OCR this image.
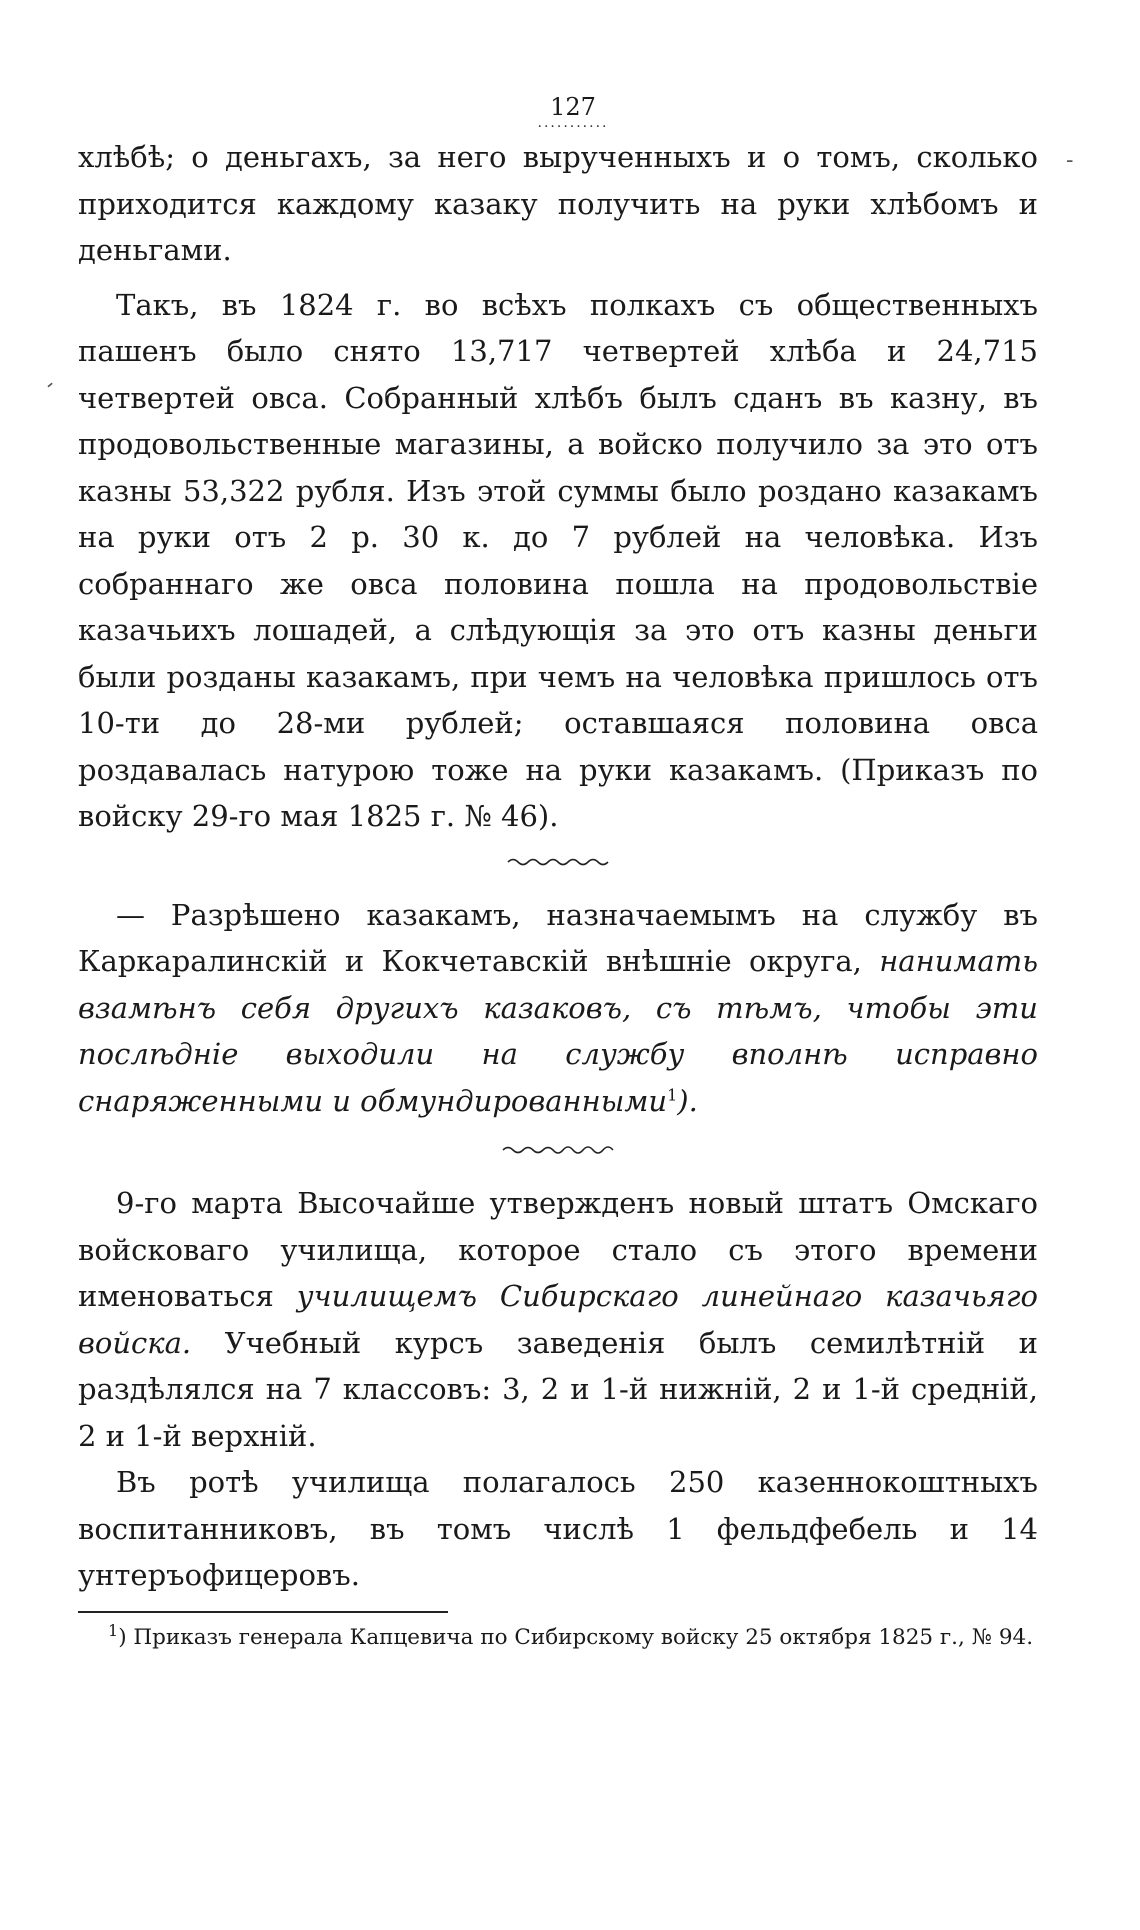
127
...........

хлѣбѣ; о деньгахъ, за него вырученныхъ и о томъ, сколько приходится каждому казаку получить на руки хлѣбомъ и деньгами.

Такъ, въ 1824 г. во всѣхъ полкахъ съ общественныхъ пашенъ было снято 13,717 четвертей хлѣба и 24,715 четвертей овса. Собранный хлѣбъ былъ сданъ въ казну, въ продовольственные магазины, а войско получило за это отъ казны 53,322 рубля. Изъ этой суммы было роздано казакамъ на руки отъ 2 р. 30 к. до 7 рублей на человѣка. Изъ собраннаго же овса половина пошла на продовольствіе казачьихъ лошадей, а слѣдующія за это отъ казны деньги были розданы казакамъ, при чемъ на человѣка пришлось отъ 10-ти до 28-ми рублей; оставшаяся половина овса роздавалась натурою тоже на руки казакамъ. (Приказъ по войску 29-го мая 1825 г. № 46).

— Разрѣшено казакамъ, назначаемымъ на службу въ Каркаралинскій и Кокчетавскій внѣшніе округа, нанимать взамѣнъ себя другихъ казаковъ, съ тѣмъ, чтобы эти послѣдніе выходили на службу вполнѣ исправно снаряженными и обмундированными$^1$).

9-го марта Высочайше утвержденъ новый штатъ Омскаго войсковаго училища, которое стало съ этого времени именоваться училищемъ Сибирскаго линейнаго казачьяго войска. Учебный курсъ заведенія былъ семилѣтній и раздѣлялся на 7 классовъ: 3, 2 и 1-й нижній, 2 и 1-й средній, 2 и 1-й верхній.

Въ ротѣ училища полагалось 250 казеннокоштныхъ воспитанниковъ, въ томъ числѣ 1 фельдфебель и 14 унтеръофицеровъ.

$^1$) Приказъ генерала Капцевича по Сибирскому войску 25 октября 1825 г., № 94.
-
-
